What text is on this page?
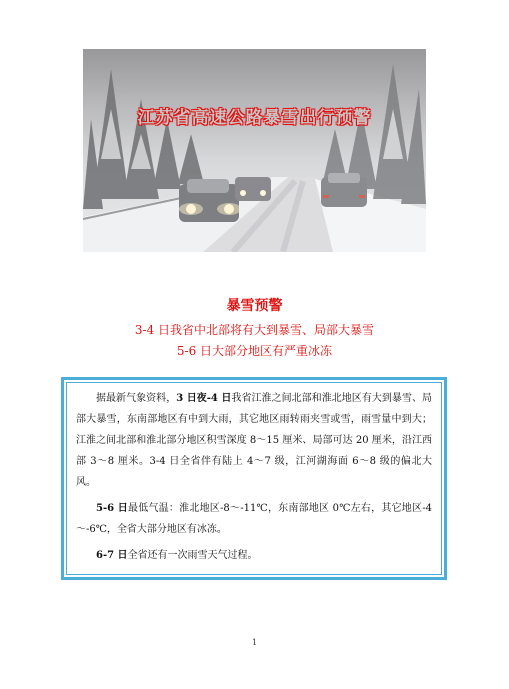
江苏省高速公路暴雪出行预警
暴雪预警
3-4 日我省中北部将有大到暴雪、局部大暴雪
5-6 日大部分地区有严重冰冻

据最新气象资料，3 日夜-4 日我省江淮之间北部和淮北地区有大到暴雪、局部大暴雪，东南部地区有中到大雨，其它地区雨转雨夹雪或雪，雨雪量中到大；江淮之间北部和淮北部分地区积雪深度 8～15 厘米、局部可达 20 厘米，沿江西部 3～8 厘米。3-4 日全省伴有陆上 4～7 级，江河湖海面 6～8 级的偏北大风。

5-6 日最低气温：淮北地区-8～-11℃，东南部地区 0℃左右，其它地区-4～-6℃，全省大部分地区有冰冻。

6-7 日全省还有一次雨雪天气过程。

1
